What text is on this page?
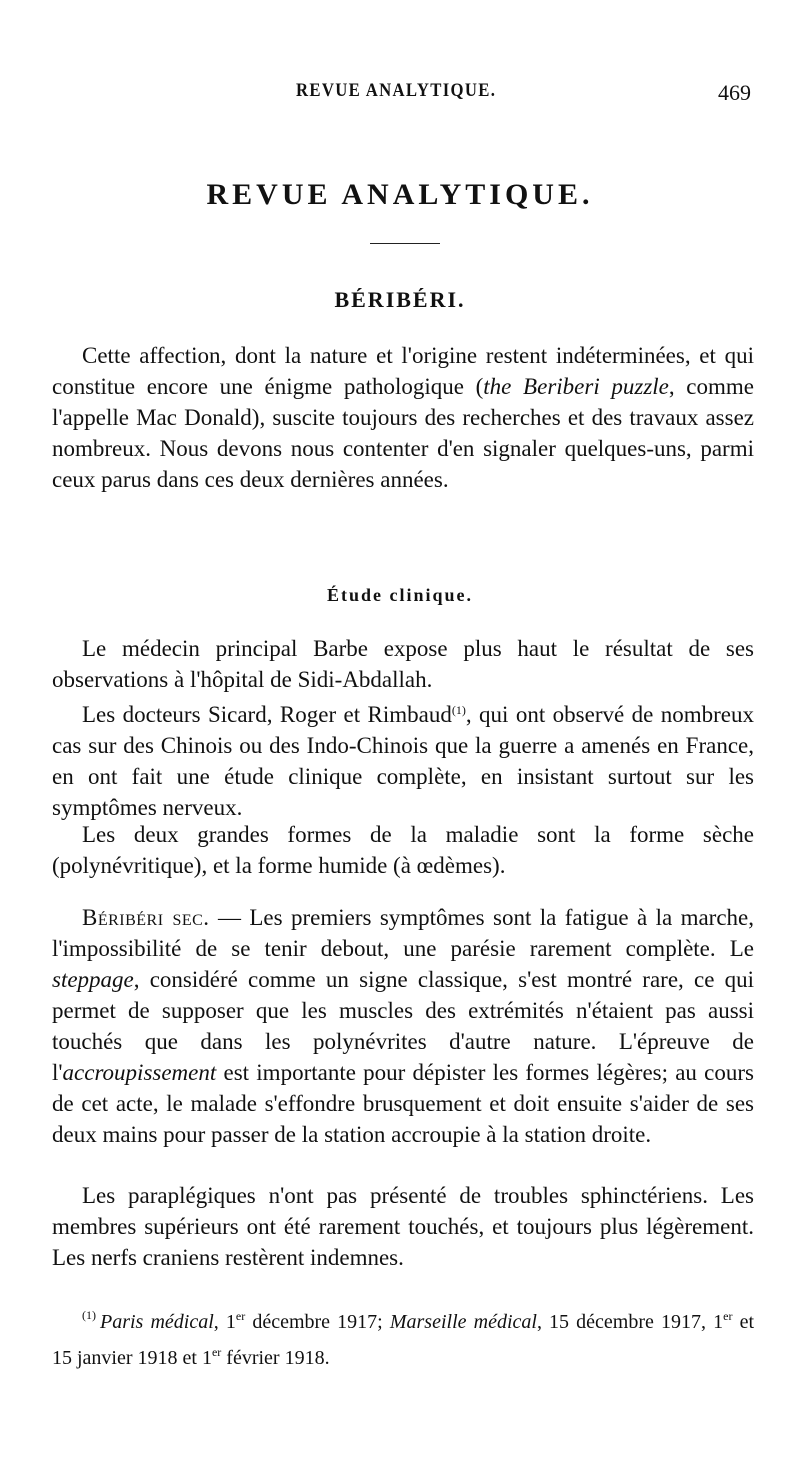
REVUE ANALYTIQUE.	469
REVUE ANALYTIQUE.
BÉRIBÉRI.

Cette affection, dont la nature et l'origine restent indéterminées, et qui constitue encore une énigme pathologique (the Beriberi puzzle, comme l'appelle Mac Donald), suscite toujours des recherches et des travaux assez nombreux. Nous devons nous contenter d'en signaler quelques-uns, parmi ceux parus dans ces deux dernières années.

Étude clinique.

Le médecin principal Barbe expose plus haut le résultat de ses observations à l'hôpital de Sidi-Abdallah.

Les docteurs Sicard, Roger et Rimbaud$^{(1)}$, qui ont observé de nombreux cas sur des Chinois ou des Indo-Chinois que la guerre a amenés en France, en ont fait une étude clinique complète, en insistant surtout sur les symptômes nerveux.

Les deux grandes formes de la maladie sont la forme sèche (polynévritique), et la forme humide (à œdèmes).

Béribéri sec. — Les premiers symptômes sont la fatigue à la marche, l'impossibilité de se tenir debout, une parésie rarement complète. Le steppage, considéré comme un signe classique, s'est montré rare, ce qui permet de supposer que les muscles des extrémités n'étaient pas aussi touchés que dans les polynévrites d'autre nature. L'épreuve de l'accroupissement est importante pour dépister les formes légères; au cours de cet acte, le malade s'effondre brusquement et doit ensuite s'aider de ses deux mains pour passer de la station accroupie à la station droite.

Les paraplégiques n'ont pas présenté de troubles sphinctériens. Les membres supérieurs ont été rarement touchés, et toujours plus légèrement. Les nerfs craniens restèrent indemnes.

$^{(1)}$ Paris médical, 1er décembre 1917; Marseille médical, 15 décembre 1917, 1er et 15 janvier 1918 et 1er février 1918.
